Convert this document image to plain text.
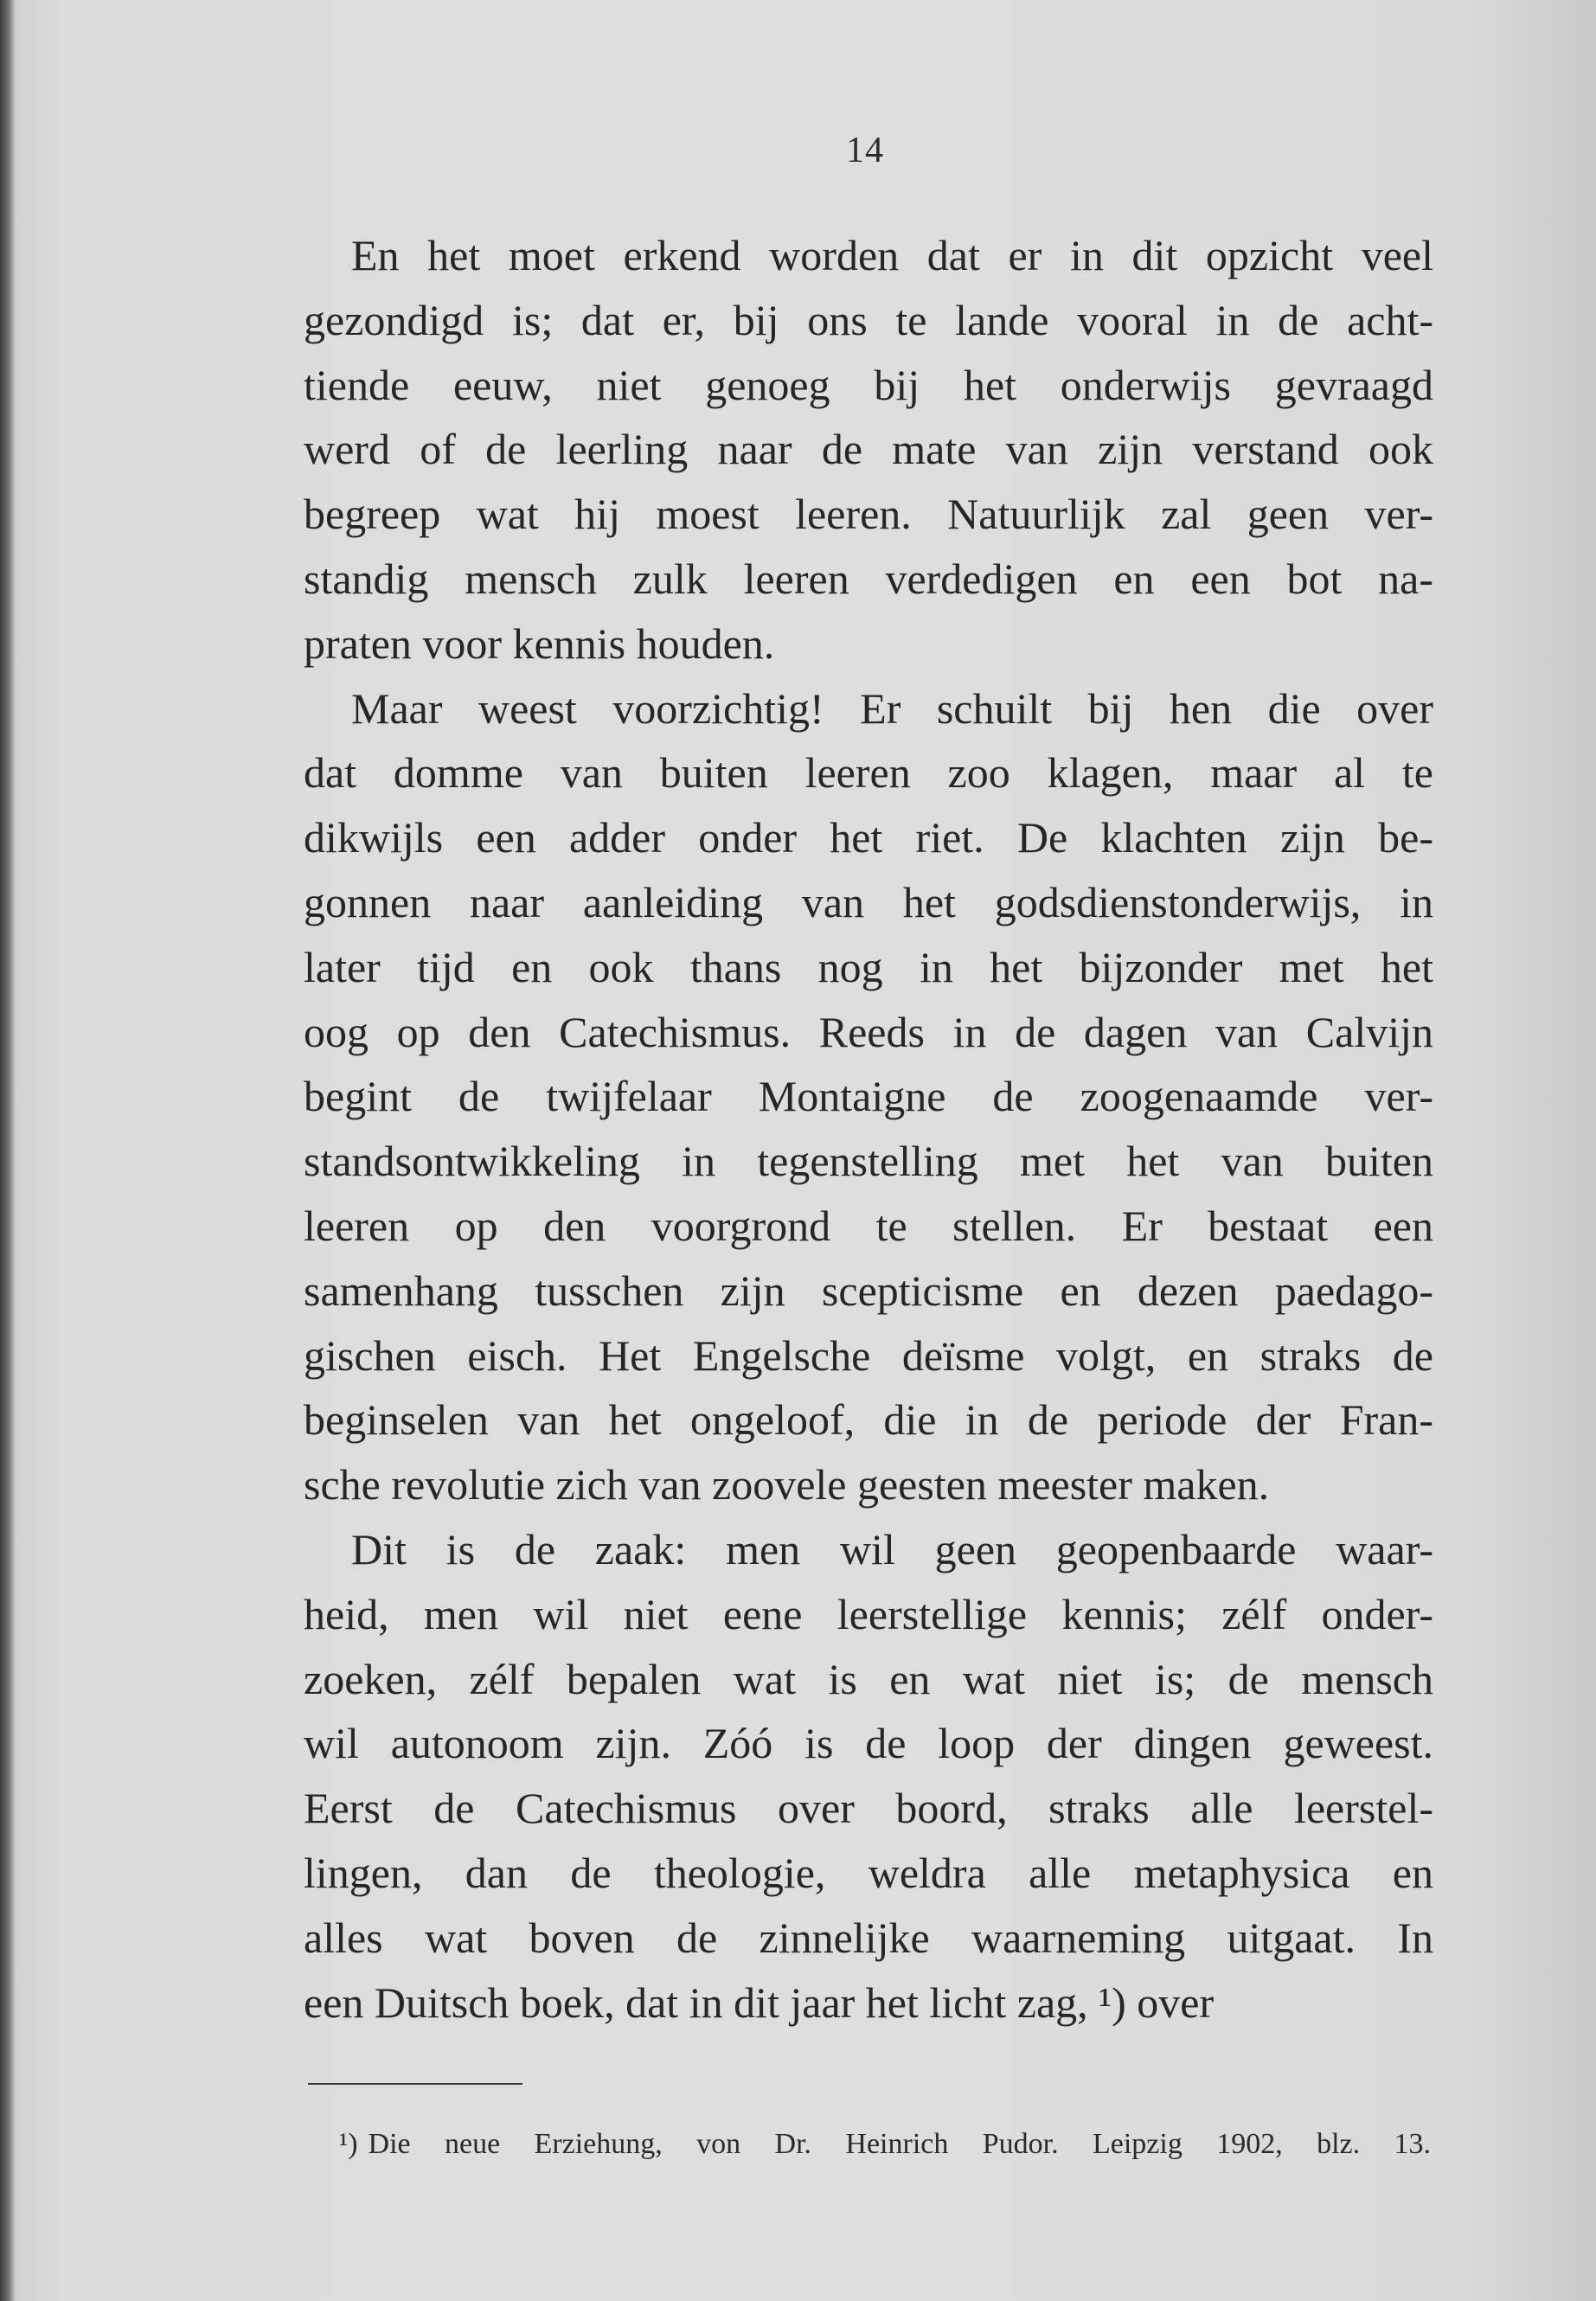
14
En het moet erkend worden dat er in dit opzicht veel
gezondigd is; dat er, bij ons te lande vooral in de acht-
tiende eeuw, niet genoeg bij het onderwijs gevraagd
werd of de leerling naar de mate van zijn verstand ook
begreep wat hij moest leeren. Natuurlijk zal geen ver-
standig mensch zulk leeren verdedigen en een bot na-
praten voor kennis houden.
Maar weest voorzichtig! Er schuilt bij hen die over
dat domme van buiten leeren zoo klagen, maar al te
dikwijls een adder onder het riet. De klachten zijn be-
gonnen naar aanleiding van het godsdienstonderwijs, in
later tijd en ook thans nog in het bijzonder met het
oog op den Catechismus. Reeds in de dagen van Calvijn
begint de twijfelaar Montaigne de zoogenaamde ver-
standsontwikkeling in tegenstelling met het van buiten
leeren op den voorgrond te stellen. Er bestaat een
samenhang tusschen zijn scepticisme en dezen paedago-
gischen eisch. Het Engelsche deïsme volgt, en straks de
beginselen van het ongeloof, die in de periode der Fran-
sche revolutie zich van zoovele geesten meester maken.
Dit is de zaak: men wil geen geopenbaarde waar-
heid, men wil niet eene leerstellige kennis; zélf onder-
zoeken, zélf bepalen wat is en wat niet is; de mensch
wil autonoom zijn. Zóó is de loop der dingen geweest.
Eerst de Catechismus over boord, straks alle leerstel-
lingen, dan de theologie, weldra alle metaphysica en
alles wat boven de zinnelijke waarneming uitgaat. In
een Duitsch boek, dat in dit jaar het licht zag, ¹) over
¹) Die neue Erziehung, von Dr. Heinrich Pudor. Leipzig 1902, blz. 13.
